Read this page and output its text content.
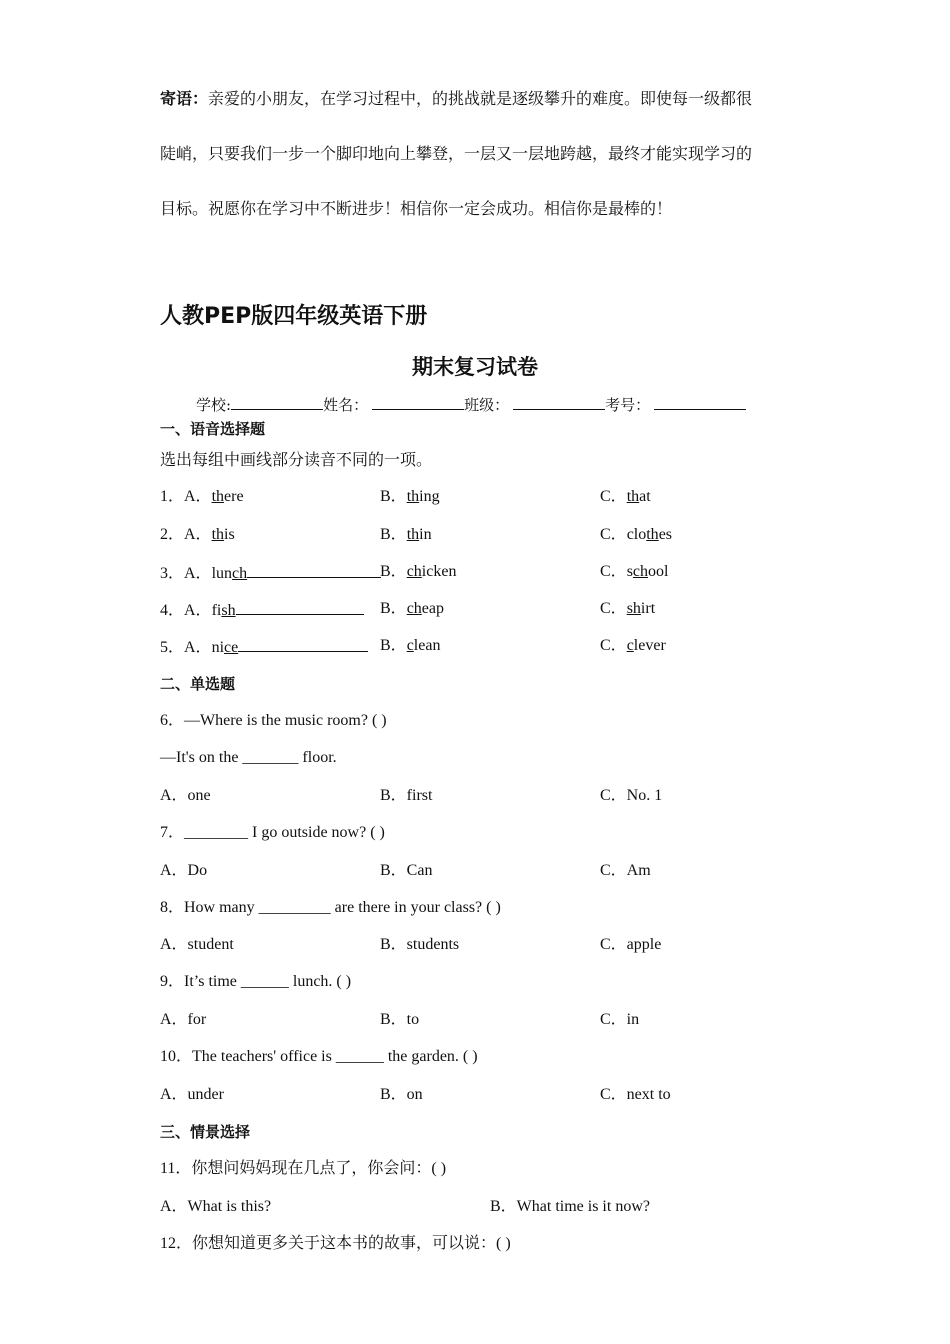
寄语：亲爱的小朋友，在学习过程中，的挑战就是逐级攀升的难度。即使每一级都很
陡峭，只要我们一步一个脚印地向上攀登，一层又一层地跨越，最终才能实现学习的
目标。祝愿你在学习中不断进步！相信你一定会成功。相信你是最棒的！
人教PEP版四年级英语下册
期末复习试卷
学校:	姓名：	班级：	考号：
一、语音选择题
选出每组中画线部分读音不同的一项。
1．A．there	B．thing	C．that
2．A．this	B．thin	C．clothes
3．A．lunch	B．chicken	C．school
4．A．fish	B．cheap	C．shirt
5．A．nice	B．clean	C．clever
二、单选题
6．—Where is the music room? ( )
—It's on the _______ floor.
A．one	B．first	C．No. 1
7．________ I go outside now? ( )
A．Do	B．Can	C．Am
8．How many _________ are there in your class? ( )
A．student	B．students	C．apple
9．It’s time ______ lunch. ( )
A．for	B．to	C．in
10．The teachers' office is ______ the garden. ( )
A．under	B．on	C．next to
三、情景选择
11．你想问妈妈现在几点了，你会问：( )
A．What is this?	B．What time is it now?
12．你想知道更多关于这本书的故事，可以说：( )
